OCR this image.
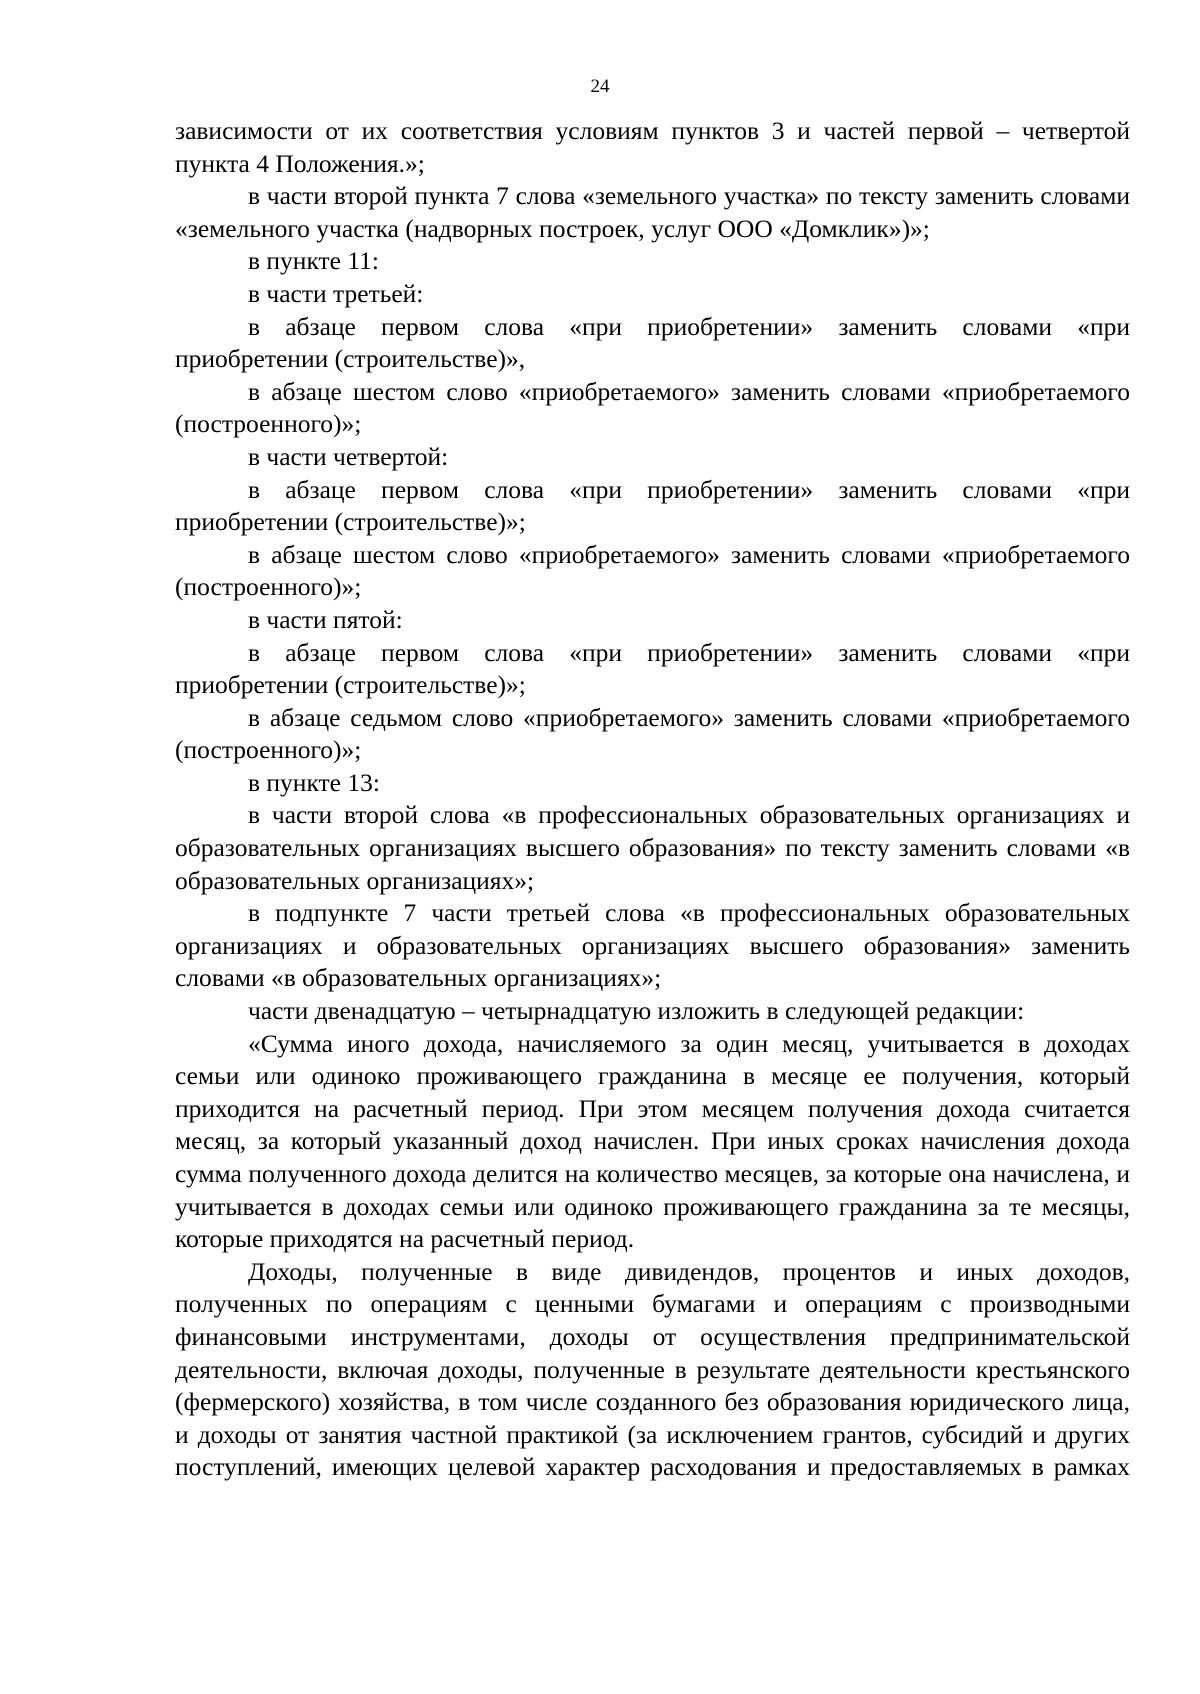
24

зависимости от их соответствия условиям пунктов 3 и частей первой – четвертой пункта 4 Положения.»;

в части второй пункта 7 слова «земельного участка» по тексту заменить словами «земельного участка (надворных построек, услуг ООО «Домклик»)»;

в пункте 11:

в части третьей:

в абзаце первом слова «при приобретении» заменить словами «при приобретении (строительстве)»,

в абзаце шестом слово «приобретаемого» заменить словами «приобретаемого (построенного)»;

в части четвертой:

в абзаце первом слова «при приобретении» заменить словами «при приобретении (строительстве)»;

в абзаце шестом слово «приобретаемого» заменить словами «приобретаемого (построенного)»;

в части пятой:

в абзаце первом слова «при приобретении» заменить словами «при приобретении (строительстве)»;

в абзаце седьмом слово «приобретаемого» заменить словами «приобретаемого (построенного)»;

в пункте 13:

в части второй слова «в профессиональных образовательных организациях и образовательных организациях высшего образования» по тексту заменить словами «в образовательных организациях»;

в подпункте 7 части третьей слова «в профессиональных образовательных организациях и образовательных организациях высшего образования» заменить словами «в образовательных организациях»;

части двенадцатую – четырнадцатую изложить в следующей редакции:

«Сумма иного дохода, начисляемого за один месяц, учитывается в доходах семьи или одиноко проживающего гражданина в месяце ее получения, который приходится на расчетный период. При этом месяцем получения дохода считается месяц, за который указанный доход начислен. При иных сроках начисления дохода сумма полученного дохода делится на количество месяцев, за которые она начислена, и учитывается в доходах семьи или одиноко проживающего гражданина за те месяцы, которые приходятся на расчетный период.

Доходы, полученные в виде дивидендов, процентов и иных доходов, полученных по операциям с ценными бумагами и операциям с производными финансовыми инструментами, доходы от осуществления предпринимательской деятельности, включая доходы, полученные в результате деятельности крестьянского (фермерского) хозяйства, в том числе созданного без образования юридического лица, и доходы от занятия частной практикой (за исключением грантов, субсидий и других поступлений, имеющих целевой характер расходования и предоставляемых в рамках
